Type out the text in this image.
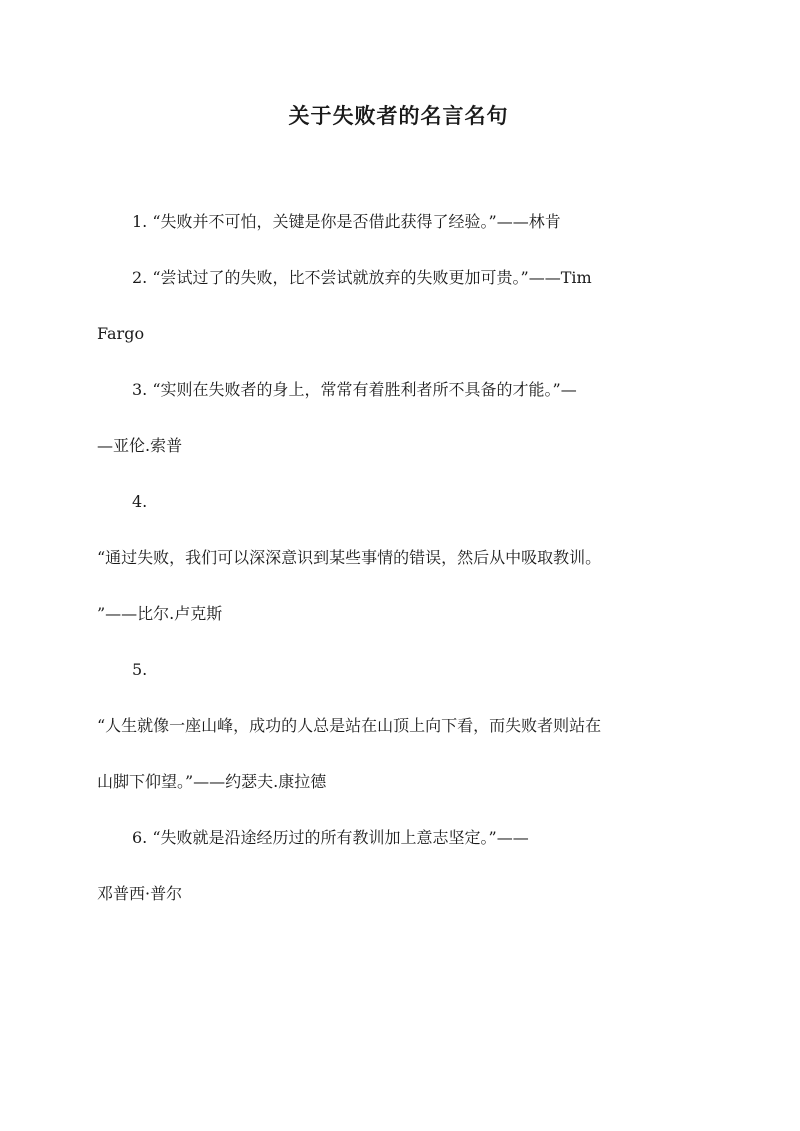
关于失败者的名言名句
1. “失败并不可怕，关键是你是否借此获得了经验。”——林肯
2. “尝试过了的失败，比不尝试就放弃的失败更加可贵。”——Tim
Fargo
3. “实则在失败者的身上，常常有着胜利者所不具备的才能。”—
—亚伦.索普
4.
“通过失败，我们可以深深意识到某些事情的错误，然后从中吸取教训。
”——比尔.卢克斯
5.
“人生就像一座山峰，成功的人总是站在山顶上向下看，而失败者则站在
山脚下仰望。”——约瑟夫.康拉德
6. “失败就是沿途经历过的所有教训加上意志坚定。”——
邓普西·普尔
